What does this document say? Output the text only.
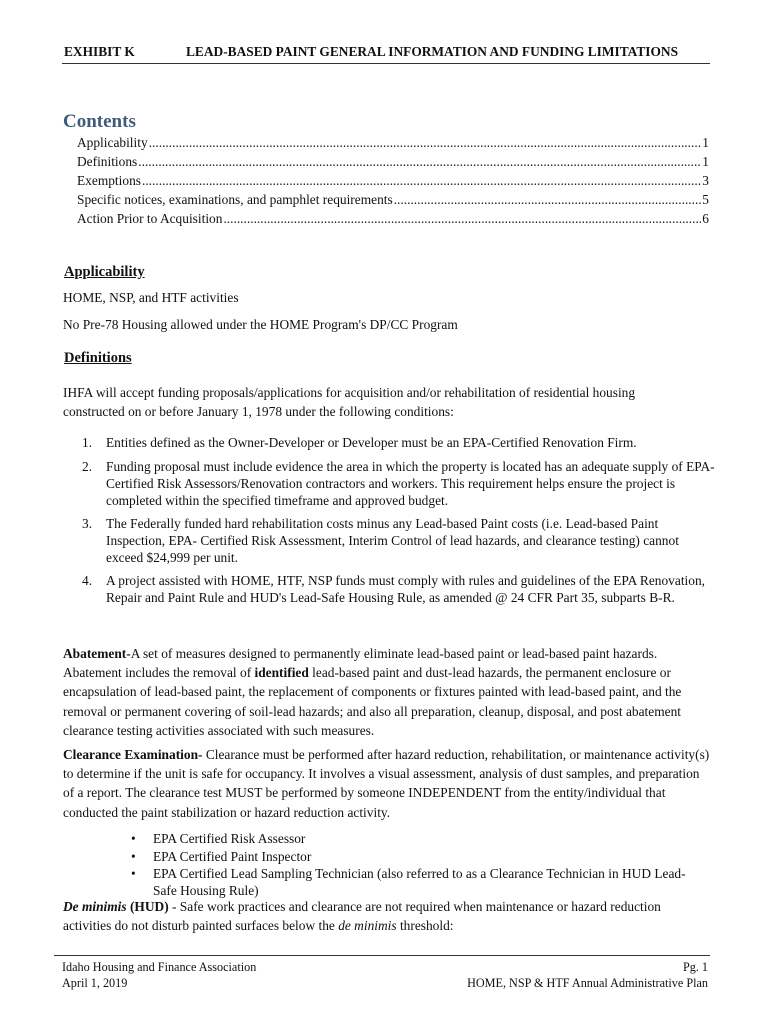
EXHIBIT K	LEAD-BASED PAINT GENERAL INFORMATION AND FUNDING LIMITATIONS
Contents
Applicability .....	1
Definitions .....	1
Exemptions .....	3
Specific notices, examinations, and pamphlet requirements .....	5
Action Prior to Acquisition .....	6
Applicability
HOME, NSP, and HTF activities
No Pre-78 Housing allowed under the HOME Program's DP/CC Program
Definitions
IHFA will accept funding proposals/applications for acquisition and/or rehabilitation of residential housing constructed on or before January 1, 1978 under the following conditions:
1. Entities defined as the Owner-Developer or Developer must be an EPA-Certified Renovation Firm.
2. Funding proposal must include evidence the area in which the property is located has an adequate supply of EPA-Certified Risk Assessors/Renovation contractors and workers. This requirement helps ensure the project is completed within the specified timeframe and approved budget.
3. The Federally funded hard rehabilitation costs minus any Lead-based Paint costs (i.e. Lead-based Paint Inspection, EPA- Certified Risk Assessment, Interim Control of lead hazards, and clearance testing) cannot exceed $24,999 per unit.
4. A project assisted with HOME, HTF, NSP funds must comply with rules and guidelines of the EPA Renovation, Repair and Paint Rule and HUD's Lead-Safe Housing Rule, as amended @ 24 CFR Part 35, subparts B-R.
Abatement-A set of measures designed to permanently eliminate lead-based paint or lead-based paint hazards. Abatement includes the removal of identified lead-based paint and dust-lead hazards, the permanent enclosure or encapsulation of lead-based paint, the replacement of components or fixtures painted with lead-based paint, and the removal or permanent covering of soil-lead hazards; and also all preparation, cleanup, disposal, and post abatement clearance testing activities associated with such measures.
Clearance Examination- Clearance must be performed after hazard reduction, rehabilitation, or maintenance activity(s) to determine if the unit is safe for occupancy. It involves a visual assessment, analysis of dust samples, and preparation of a report. The clearance test MUST be performed by someone INDEPENDENT from the entity/individual that conducted the paint stabilization or hazard reduction activity.
• EPA Certified Risk Assessor
• EPA Certified Paint Inspector
• EPA Certified Lead Sampling Technician (also referred to as a Clearance Technician in HUD Lead-Safe Housing Rule)
De minimis (HUD) - Safe work practices and clearance are not required when maintenance or hazard reduction activities do not disturb painted surfaces below the de minimis threshold:
Idaho Housing and Finance Association
April 1, 2019
Pg. 1
HOME, NSP & HTF Annual Administrative Plan
